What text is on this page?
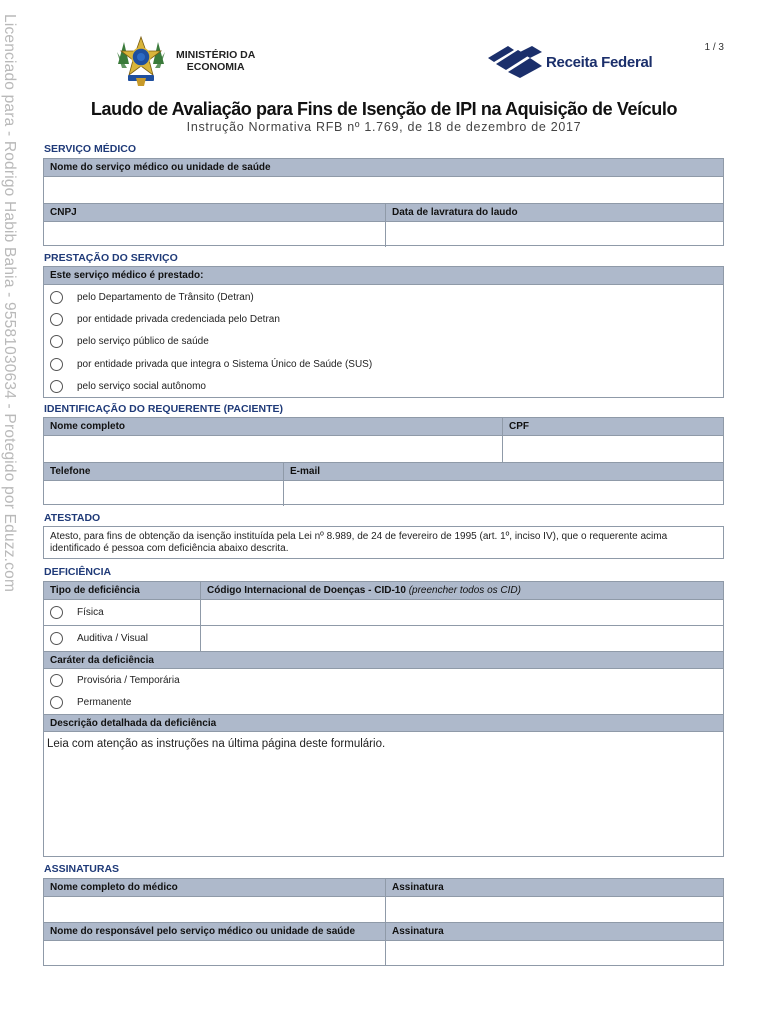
Licenciado para - Rodrigo Habib Bahia - 95581030634 - Protegido por Eduzz.com	1 / 3
MINISTÉRIO DA
ECONOMIA	Receita Federal
Laudo de Avaliação para Fins de Isenção de IPI na Aquisição de Veículo
Instrução Normativa RFB nº 1.769, de 18 de dezembro de 2017
SERVIÇO MÉDICO
Nome do serviço médico ou unidade de saúde
CNPJ	Data de lavratura do laudo
PRESTAÇÃO DO SERVIÇO
Este serviço médico é prestado:
pelo Departamento de Trânsito (Detran)
por entidade privada credenciada pelo Detran
pelo serviço público de saúde
por entidade privada que integra o Sistema Único de Saúde (SUS)
pelo serviço social autônomo
IDENTIFICAÇÃO DO REQUERENTE (PACIENTE)
Nome completo	CPF
Telefone	E-mail
ATESTADO
Atesto, para fins de obtenção da isenção instituída pela Lei nº 8.989, de 24 de fevereiro de 1995 (art. 1º, inciso IV), que o requerente acima identificado é pessoa com deficiência abaixo descrita.
DEFICIÊNCIA
Tipo de deficiência	Código Internacional de Doenças - CID-10 (preencher todos os CID)
Física
Auditiva / Visual
Caráter da deficiência
Provisória / Temporária
Permanente
Descrição detalhada da deficiência
Leia com atenção as instruções na última página deste formulário.
ASSINATURAS
Nome completo do médico	Assinatura
Nome do responsável pelo serviço médico ou unidade de saúde	Assinatura
